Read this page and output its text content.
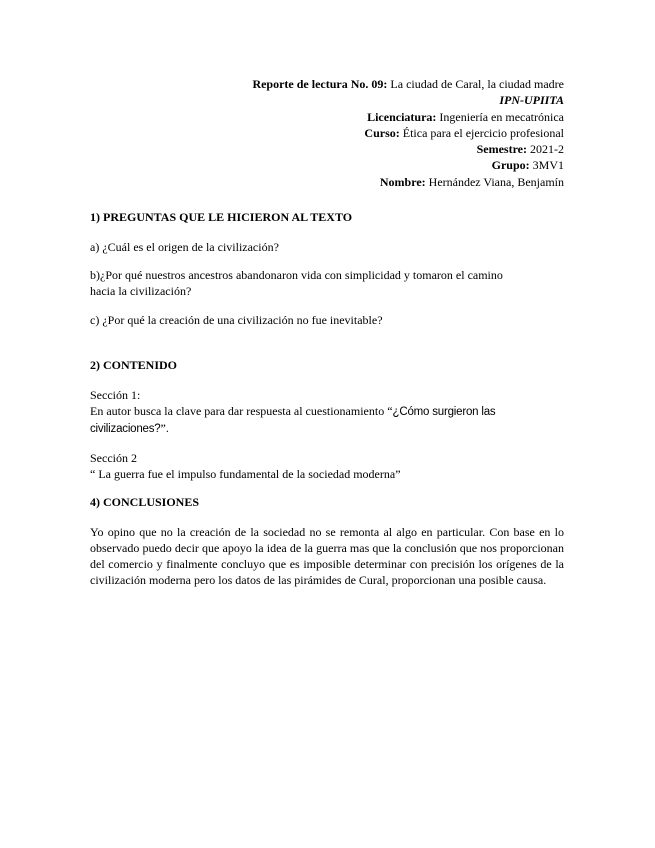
Reporte de lectura No. 09: La ciudad de Caral, la ciudad madre
IPN-UPIITA
Licenciatura: Ingeniería en mecatrónica
Curso: Ética para el ejercicio profesional
Semestre: 2021-2
Grupo: 3MV1
Nombre: Hernández Viana, Benjamín

1) PREGUNTAS QUE LE HICIERON AL TEXTO

a) ¿Cuál es el origen de la civilización?

b)¿Por qué nuestros ancestros abandonaron vida con simplicidad y tomaron el camino

hacia la civilización?

c) ¿Por qué la creación de una civilización no fue inevitable?

2) CONTENIDO

Sección 1:

En autor busca la clave para dar respuesta al cuestionamiento “¿Cómo surgieron las
civilizaciones?”.

Sección 2

“ La guerra fue el impulso fundamental de la sociedad moderna”

4) CONCLUSIONES

Yo opino que no la creación de la sociedad no se remonta al algo en particular. Con base en lo observado puedo decir que apoyo la idea de la guerra mas que la conclusión que nos proporcionan del comercio y finalmente concluyo que es imposible determinar con precisión los orígenes de la civilización moderna pero los datos de las pirámides de Cural, proporcionan una posible causa.
